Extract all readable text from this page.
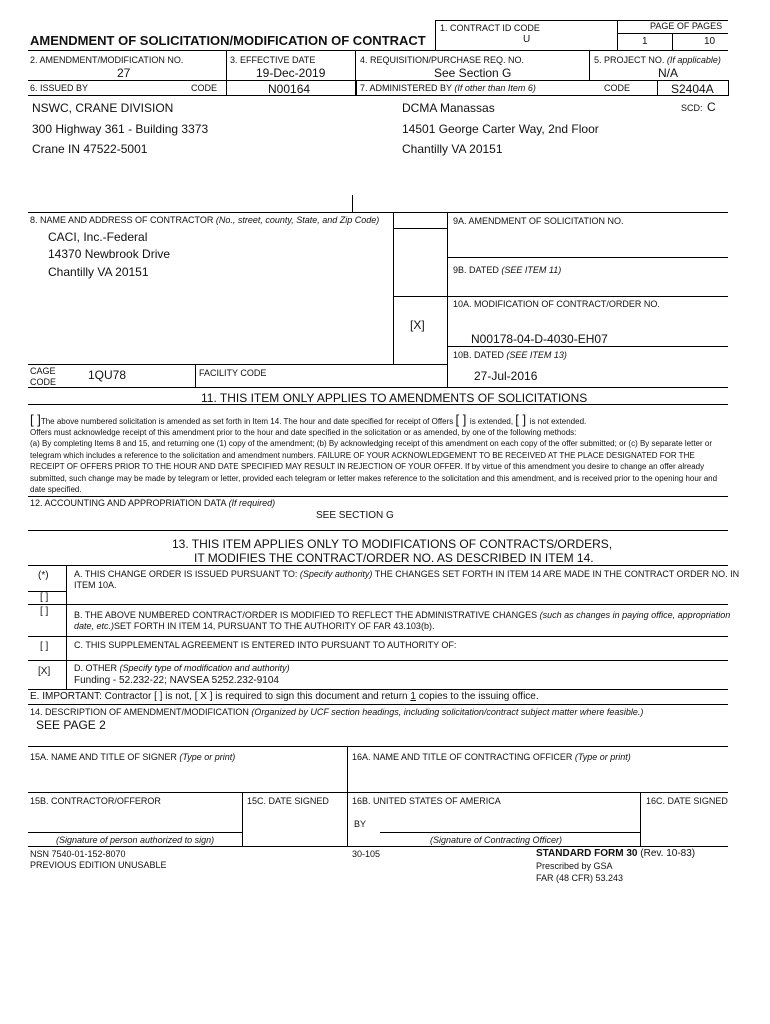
AMENDMENT OF SOLICITATION/MODIFICATION OF CONTRACT
1. CONTRACT ID CODE
U
PAGE OF PAGES
1	10
2. AMENDMENT/MODIFICATION NO.
27
3. EFFECTIVE DATE
19-Dec-2019
4. REQUISITION/PURCHASE REQ. NO.
See Section G
5. PROJECT NO. (If applicable)
N/A
6. ISSUED BY	CODE	N00164	7. ADMINISTERED BY (If other than Item 6)	CODE	S2404A
SCD: C
NSWC, CRANE DIVISION
300 Highway 361 - Building 3373
Crane IN 47522-5001
DCMA Manassas
14501 George Carter Way, 2nd Floor
Chantilly VA 20151
8. NAME AND ADDRESS OF CONTRACTOR (No., street, county, State, and Zip Code)
CACI, Inc.-Federal
14370 Newbrook Drive
Chantilly VA 20151
CAGE
CODE	1QU78	FACILITY CODE
9A. AMENDMENT OF SOLICITATION NO.
9B. DATED (SEE ITEM 11)
[X]
10A. MODIFICATION OF CONTRACT/ORDER NO.
N00178-04-D-4030-EH07
10B. DATED (SEE ITEM 13)
27-Jul-2016
11. THIS ITEM ONLY APPLIES TO AMENDMENTS OF SOLICITATIONS
[ ]The above numbered solicitation is amended as set forth in Item 14. The hour and date specified for receipt of Offers [ ] is extended, [ ] is not extended.
Offers must acknowledge receipt of this amendment prior to the hour and date specified in the solicitation or as amended, by one of the following methods:
(a) By completing Items 8 and 15, and returning one (1) copy of the amendment; (b) By acknowledging receipt of this amendment on each copy of the offer submitted; or (c) By separate letter or telegram which includes a reference to the solicitation and amendment numbers. FAILURE OF YOUR ACKNOWLEDGEMENT TO BE RECEIVED AT THE PLACE DESIGNATED FOR THE RECEIPT OF OFFERS PRIOR TO THE HOUR AND DATE SPECIFIED MAY RESULT IN REJECTION OF YOUR OFFER. If by virtue of this amendment you desire to change an offer already submitted, such change may be made by telegram or letter, provided each telegram or letter makes reference to the solicitation and this amendment, and is received prior to the opening hour and date specified.
12. ACCOUNTING AND APPROPRIATION DATA (If required)
SEE SECTION G
13. THIS ITEM APPLIES ONLY TO MODIFICATIONS OF CONTRACTS/ORDERS,
IT MODIFIES THE CONTRACT/ORDER NO. AS DESCRIBED IN ITEM 14.
(*)	A. THIS CHANGE ORDER IS ISSUED PURSUANT TO: (Specify authority) THE CHANGES SET FORTH IN ITEM 14 ARE MADE IN THE CONTRACT ORDER NO. IN
ITEM 10A.
[ ]
[ ]	B. THE ABOVE NUMBERED CONTRACT/ORDER IS MODIFIED TO REFLECT THE ADMINISTRATIVE CHANGES (such as changes in paying office, appropriation
date, etc.)SET FORTH IN ITEM 14, PURSUANT TO THE AUTHORITY OF FAR 43.103(b).
[ ]	C. THIS SUPPLEMENTAL AGREEMENT IS ENTERED INTO PURSUANT TO AUTHORITY OF:
[X]	D. OTHER (Specify type of modification and authority)
Funding - 52.232-22; NAVSEA 5252.232-9104
E. IMPORTANT: Contractor [ ] is not, [ X ] is required to sign this document and return 1 copies to the issuing office.
14. DESCRIPTION OF AMENDMENT/MODIFICATION (Organized by UCF section headings, including solicitation/contract subject matter where feasible.)
SEE PAGE 2
15A. NAME AND TITLE OF SIGNER (Type or print)	16A. NAME AND TITLE OF CONTRACTING OFFICER (Type or print)
15B. CONTRACTOR/OFFEROR	15C. DATE SIGNED	16B. UNITED STATES OF AMERICA	16C. DATE SIGNED
BY
(Signature of person authorized to sign)	(Signature of Contracting Officer)
NSN 7540-01-152-8070
PREVIOUS EDITION UNUSABLE
30-105	STANDARD FORM 30 (Rev. 10-83)
Prescribed by GSA
FAR (48 CFR) 53.243
